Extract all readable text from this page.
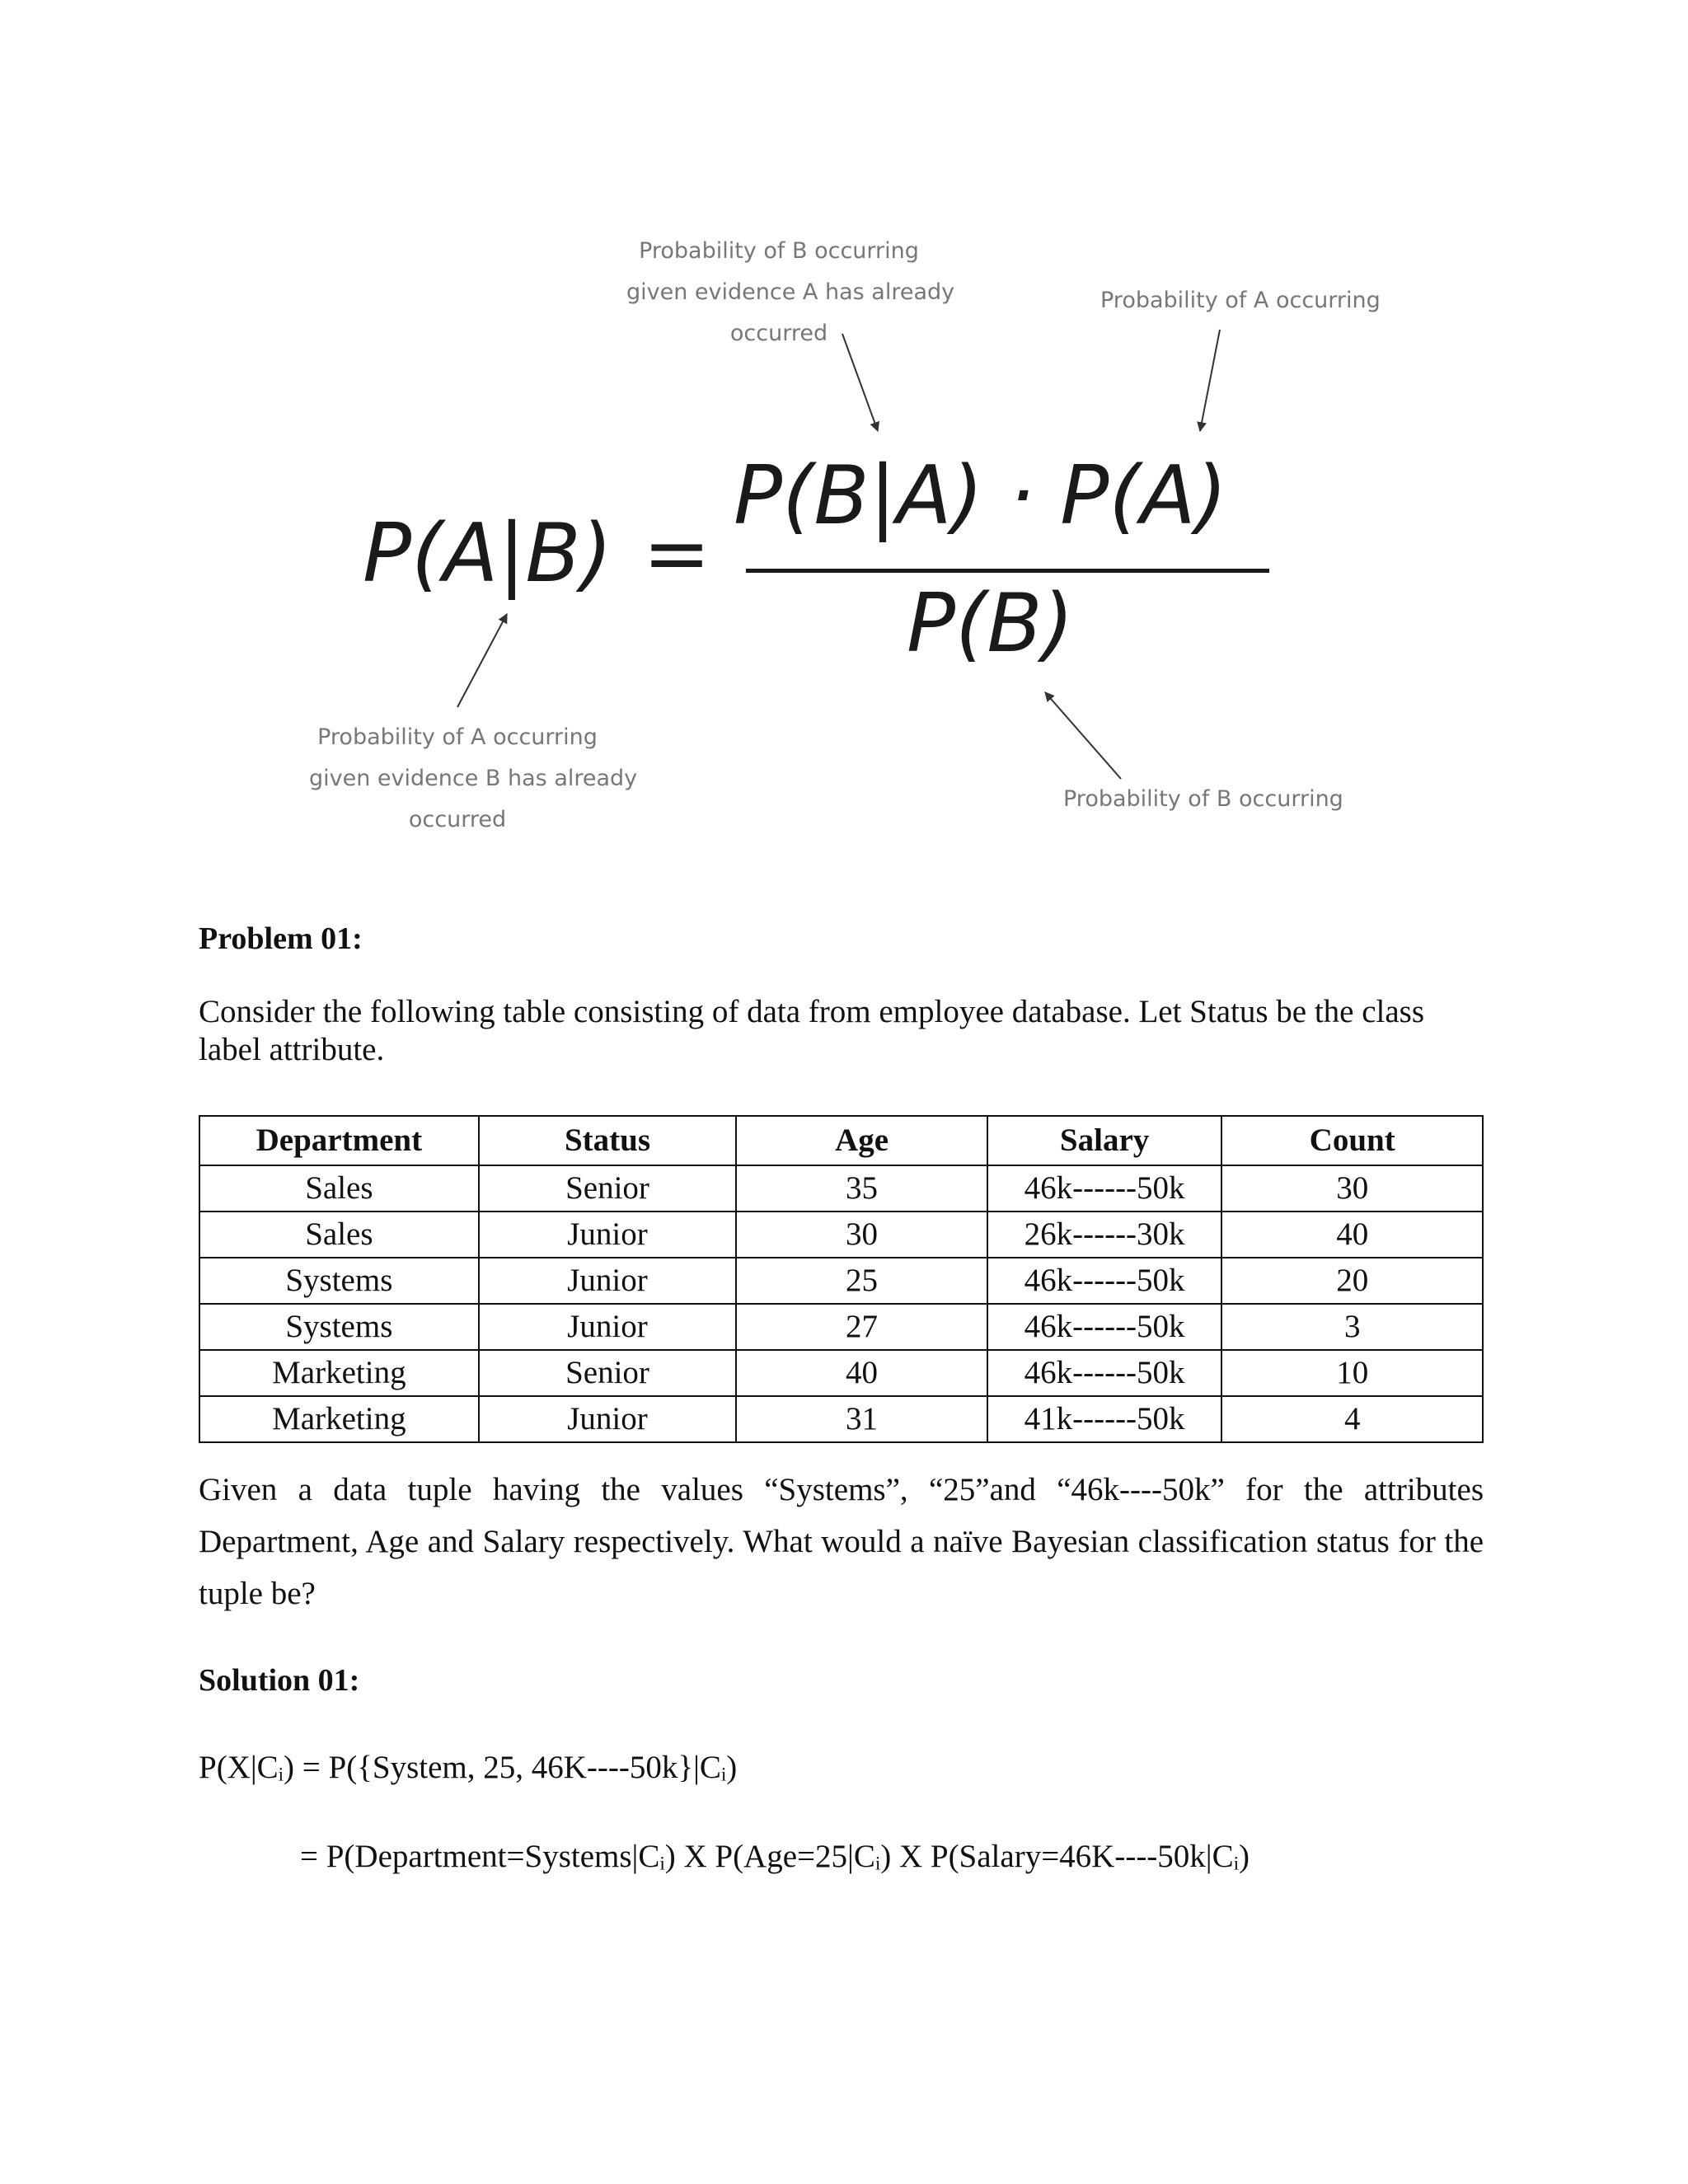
Probability of B occurring
given evidence A has already
occurred
Probability of A occurring
Probability of A occurring
given evidence B has already
occurred
Probability of B occurring
P(A|B) =
P(B|A) · P(A)
P(B)
Problem 01:
Consider the following table consisting of data from employee database. Let Status be the class label attribute.
Department	Status	Age	Salary	Count
Sales	Senior	35	46k------50k	30
Sales	Junior	30	26k------30k	40
Systems	Junior	25	46k------50k	20
Systems	Junior	27	46k------50k	3
Marketing	Senior	40	46k------50k	10
Marketing	Junior	31	41k------50k	4
Given a data tuple having the values “Systems”, “25”and “46k----50k” for the attributes Department, Age and Salary respectively. What would a naïve Bayesian classification status for the tuple be?
Solution 01:
P(X|Cᵢ) = P({System, 25, 46K----50k}|Cᵢ)
= P(Department=Systems|Cᵢ) X P(Age=25|Cᵢ) X P(Salary=46K----50k|Cᵢ)
